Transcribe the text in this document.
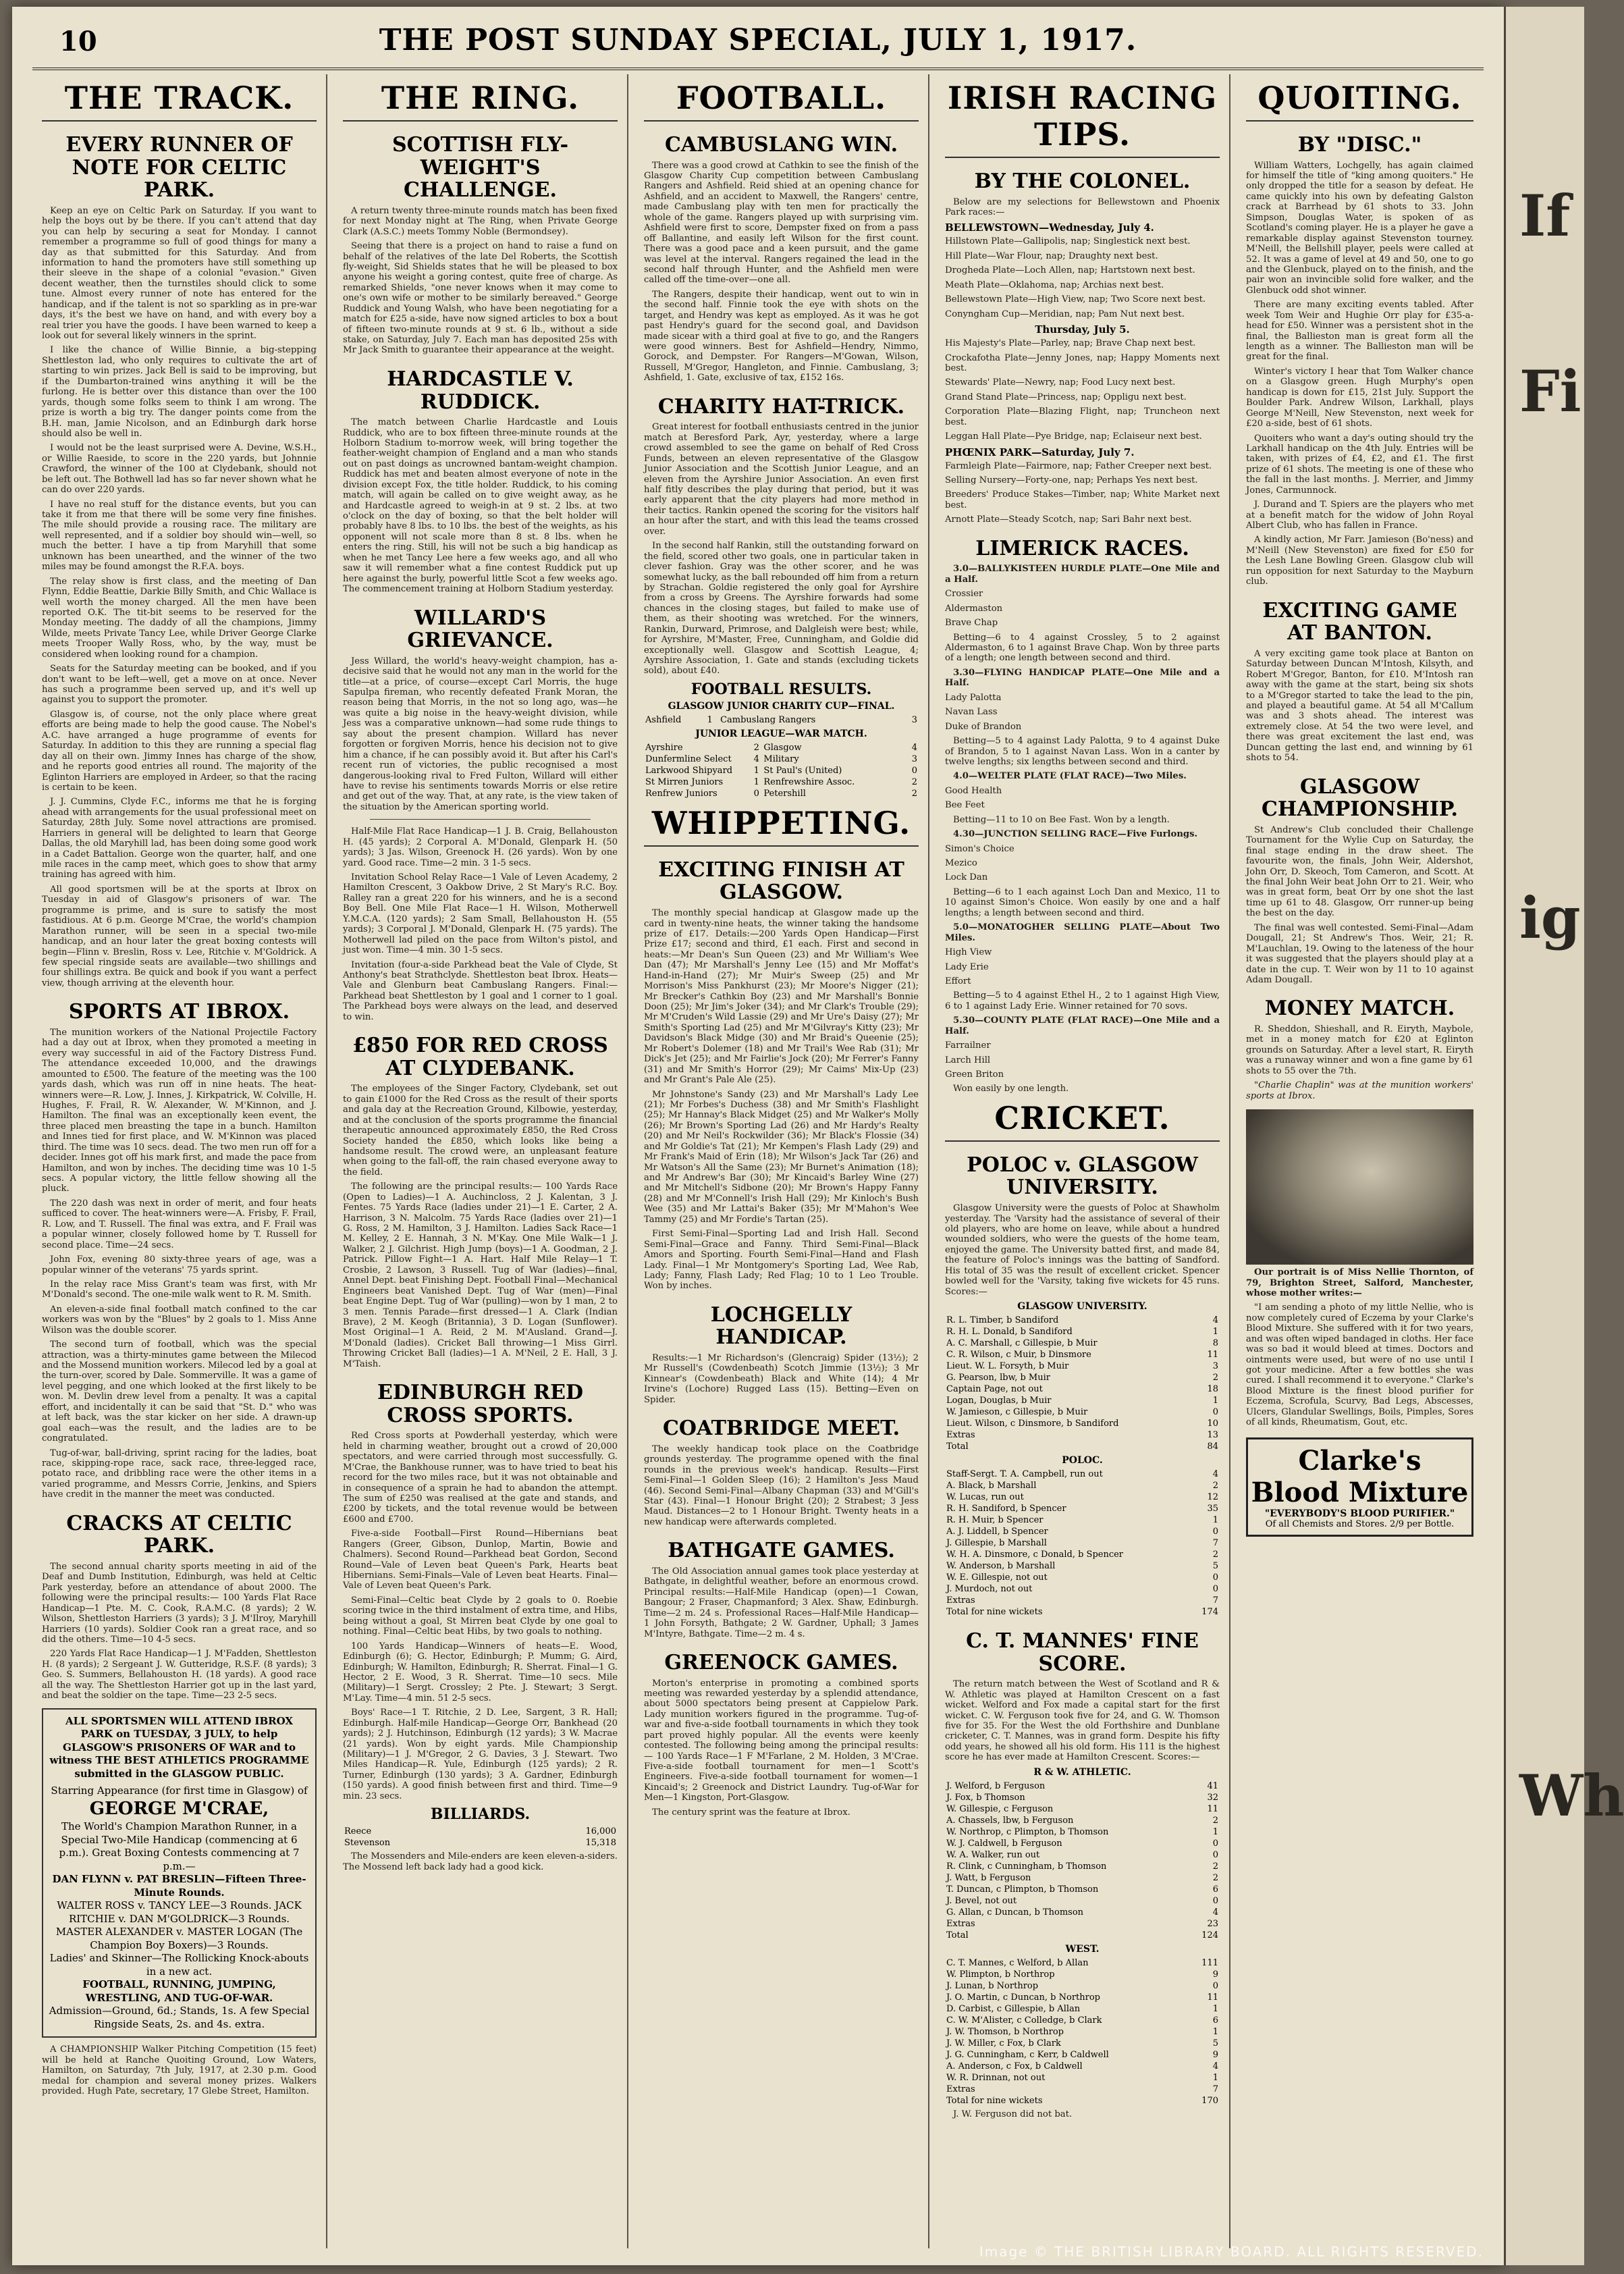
10	THE POST SUNDAY SPECIAL, JULY 1, 1917.
THE TRACK.
EVERY RUNNER OF NOTE FOR CELTIC PARK.

Keep an eye on Celtic Park on Saturday. If you want to help the boys out by be there. If you can't attend that day you can help by securing a seat for Monday. I cannot remember a programme so full of good things for many a day as that submitted for this Saturday. And from information to hand the promoters have still something up their sleeve in the shape of a colonial "evasion." Given decent weather, then the turnstiles should click to some tune. Almost every runner of note has entered for the handicap, and if the talent is not so sparkling as in pre-war days, it's the best we have on hand, and with every boy a real trier you have the goods. I have been warned to keep a look out for several likely winners in the sprint.

I like the chance of Willie Binnie, a big-stepping Shettleston lad, who only requires to cultivate the art of starting to win prizes. Jack Bell is said to be improving, but if the Dumbarton-trained wins anything it will be the furlong. He is better over this distance than over the 100 yards, though some folks seem to think I am wrong. The prize is worth a big try. The danger points come from the B.H. man, Jamie Nicolson, and an Edinburgh dark horse should also be well in.

I would not be the least surprised were A. Devine, W.S.H., or Willie Raeside, to score in the 220 yards, but Johnnie Crawford, the winner of the 100 at Clydebank, should not be left out. The Bothwell lad has so far never shown what he can do over 220 yards.

I have no real stuff for the distance events, but you can take it from me that there will be some very fine finishes. The mile should provide a rousing race. The military are well represented, and if a soldier boy should win—well, so much the better. I have a tip from Maryhill that some unknown has been unearthed, and the winner of the two miles may be found amongst the R.F.A. boys.

The relay show is first class, and the meeting of Dan Flynn, Eddie Beattie, Darkie Billy Smith, and Chic Wallace is well worth the money charged. All the men have been reported O.K. The tit-bit seems to be reserved for the Monday meeting. The daddy of all the champions, Jimmy Wilde, meets Private Tancy Lee, while Driver George Clarke meets Trooper Wally Ross, who, by the way, must be considered when looking round for a champion.

Seats for the Saturday meeting can be booked, and if you don't want to be left—well, get a move on at once. Never has such a programme been served up, and it's well up against you to support the promoter.

Glasgow is, of course, not the only place where great efforts are being made to help the good cause. The Nobel's A.C. have arranged a huge programme of events for Saturday. In addition to this they are running a special flag day all on their own. Jimmy Innes has charge of the show, and he reports good entries all round. The majority of the Eglinton Harriers are employed in Ardeer, so that the racing is certain to be keen.

J. J. Cummins, Clyde F.C., informs me that he is forging ahead with arrangements for the usual professional meet on Saturday, 28th July. Some novel attractions are promised. Harriers in general will be delighted to learn that George Dallas, the old Maryhill lad, has been doing some good work in a Cadet Battalion. George won the quarter, half, and one mile races in the camp meet, which goes to show that army training has agreed with him.

All good sportsmen will be at the sports at Ibrox on Tuesday in aid of Glasgow's prisoners of war. The programme is prime, and is sure to satisfy the most fastidious. At 6 p.m. George M'Crae, the world's champion Marathon runner, will be seen in a special two-mile handicap, and an hour later the great boxing contests will begin—Flinn v. Breslin, Ross v. Lee, Ritchie v. M'Goldrick. A few special ringside seats are available—two shillings and four shillings extra. Be quick and book if you want a perfect view, though arriving at the eleventh hour.

SPORTS AT IBROX.

The munition workers of the National Projectile Factory had a day out at Ibrox, when they promoted a meeting in every way successful in aid of the Factory Distress Fund. The attendance exceeded 10,000, and the drawings amounted to £500. The feature of the meeting was the 100 yards dash, which was run off in nine heats. The heat-winners were—R. Low, J. Innes, J. Kirkpatrick, W. Colville, H. Hughes, F. Frail, R. W. Alexander, W. M'Kinnon, and J. Hamilton. The final was an exceptionally keen event, the three placed men breasting the tape in a bunch. Hamilton and Innes tied for first place, and W. M'Kinnon was placed third. The time was 10 secs. dead. The two men run off for a decider. Innes got off his mark first, and made the pace from Hamilton, and won by inches. The deciding time was 10 1-5 secs. A popular victory, the little fellow showing all the pluck.

The 220 dash was next in order of merit, and four heats sufficed to cover. The heat-winners were—A. Frisby, F. Frail, R. Low, and T. Russell. The final was extra, and F. Frail was a popular winner, closely followed home by T. Russell for second place. Time—24 secs.

John Fox, evening 80 sixty-three years of age, was a popular winner of the veterans' 75 yards sprint.

In the relay race Miss Grant's team was first, with Mr M'Donald's second. The one-mile walk went to R. M. Smith.

An eleven-a-side final football match confined to the car workers was won by the "Blues" by 2 goals to 1. Miss Anne Wilson was the double scorer.

The second turn of football, which was the special attraction, was a thirty-minutes game between the Milecod and the Mossend munition workers. Milecod led by a goal at the turn-over, scored by Dale. Sommerville. It was a game of level pegging, and one which looked at the first likely to be won. M. Devlin drew level from a penalty. It was a capital effort, and incidentally it can be said that "St. D." who was at left back, was the star kicker on her side. A drawn-up goal each—was the result, and the ladies are to be congratulated.

Tug-of-war, ball-driving, sprint racing for the ladies, boat race, skipping-rope race, sack race, three-legged race, potato race, and dribbling race were the other items in a varied programme, and Messrs Corrie, Jenkins, and Spiers have credit in the manner the meet was conducted.

CRACKS AT CELTIC PARK.

The second annual charity sports meeting in aid of the Deaf and Dumb Institution, Edinburgh, was held at Celtic Park yesterday, before an attendance of about 2000. The following were the principal results:— 100 Yards Flat Race Handicap—1 Pte. M. C. Cook, R.A.M.C. (8 yards); 2 W. Wilson, Shettleston Harriers (3 yards); 3 J. M'Ilroy, Maryhill Harriers (10 yards). Soldier Cook ran a great race, and so did the others. Time—10 4-5 secs.

220 Yards Flat Race Handicap—1 J. M'Fadden, Shettleston H. (8 yards); 2 Sergeant J. W. Gutteridge, R.S.F. (8 yards); 3 Geo. S. Summers, Bellahouston H. (18 yards). A good race all the way. The Shettleston Harrier got up in the last yard, and beat the soldier on the tape. Time—23 2-5 secs.

ALL SPORTSMEN WILL ATTEND IBROX PARK on TUESDAY, 3 JULY, to help GLASGOW'S PRISONERS OF WAR and to witness THE BEST ATHLETICS PROGRAMME submitted in the GLASGOW PUBLIC.
Starring Appearance (for first time in Glasgow) of
GEORGE M'CRAE,
The World's Champion Marathon Runner, in a Special Two-Mile Handicap (commencing at 6 p.m.). Great Boxing Contests commencing at 7 p.m.—
DAN FLYNN v. PAT BRESLIN—Fifteen Three-Minute Rounds.
WALTER ROSS v. TANCY LEE—3 Rounds. JACK RITCHIE v. DAN M'GOLDRICK—3 Rounds. MASTER ALEXANDER v. MASTER LOGAN (The Champion Boy Boxers)—3 Rounds.
Ladies' and Skinner—The Rollicking Knock-abouts in a new act.
FOOTBALL, RUNNING, JUMPING, WRESTLING, AND TUG-OF-WAR.
Admission—Ground, 6d.; Stands, 1s. A few Special Ringside Seats, 2s. and 4s. extra.

A CHAMPIONSHIP Walker Pitching Competition (15 feet) will be held at Ranche Quoiting Ground, Low Waters, Hamilton, on Saturday, 7th July, 1917, at 2.30 p.m. Good medal for champion and several money prizes. Walkers provided. Hugh Pate, secretary, 17 Glebe Street, Hamilton.

THE RING.
SCOTTISH FLY-WEIGHT'S CHALLENGE.

A return twenty three-minute rounds match has been fixed for next Monday night at The Ring, when Private George Clark (A.S.C.) meets Tommy Noble (Bermondsey).

Seeing that there is a project on hand to raise a fund on behalf of the relatives of the late Del Roberts, the Scottish fly-weight, Sid Shields states that he will be pleased to box anyone his weight a goring contest, quite free of charge. As remarked Shields, "one never knows when it may come to one's own wife or mother to be similarly bereaved." George Ruddick and Young Walsh, who have been negotiating for a match for £25 a-side, have now signed articles to box a bout of fifteen two-minute rounds at 9 st. 6 lb., without a side stake, on Saturday, July 7. Each man has deposited 25s with Mr Jack Smith to guarantee their appearance at the weight.

HARDCASTLE V. RUDDICK.

The match between Charlie Hardcastle and Louis Ruddick, who are to box fifteen three-minute rounds at the Holborn Stadium to-morrow week, will bring together the feather-weight champion of England and a man who stands out on past doings as uncrowned bantam-weight champion. Ruddick has met and beaten almost everyone of note in the division except Fox, the title holder. Ruddick, to his coming match, will again be called on to give weight away, as he and Hardcastle agreed to weigh-in at 9 st. 2 lbs. at two o'clock on the day of boxing, so that the belt holder will probably have 8 lbs. to 10 lbs. the best of the weights, as his opponent will not scale more than 8 st. 8 lbs. when he enters the ring. Still, his will not be such a big handicap as when he met Tancy Lee here a few weeks ago, and all who saw it will remember what a fine contest Ruddick put up here against the burly, powerful little Scot a few weeks ago. The commencement training at Holborn Stadium yesterday.

WILLARD'S GRIEVANCE.

Jess Willard, the world's heavy-weight champion, has a-decisive said that he would not any man in the world for the title—at a price, of course—except Carl Morris, the huge Sapulpa fireman, who recently defeated Frank Moran, the reason being that Morris, in the not so long ago, was—he was quite a big noise in the heavy-weight division, while Jess was a comparative unknown—had some rude things to say about the present champion. Willard has never forgotten or forgiven Morris, hence his decision not to give him a chance, if he can possibly avoid it. But after his Carl's recent run of victories, the public recognised a most dangerous-looking rival to Fred Fulton, Willard will either have to revise his sentiments towards Morris or else retire and get out of the way. That, at any rate, is the view taken of the situation by the American sporting world.

Half-Mile Flat Race Handicap—1 J. B. Craig, Bellahouston H. (45 yards); 2 Corporal A. M'Donald, Glenpark H. (50 yards); 3 Jas. Wilson, Greenock H. (26 yards). Won by one yard. Good race. Time—2 min. 3 1-5 secs.

Invitation School Relay Race—1 Vale of Leven Academy, 2 Hamilton Crescent, 3 Oakbow Drive, 2 St Mary's R.C. Boy. Ralley ran a great 220 for his winners, and he is a second Boy Bell. One Mile Flat Race—1 H. Wilson, Motherwell Y.M.C.A. (120 yards); 2 Sam Small, Bellahouston H. (55 yards); 3 Corporal J. M'Donald, Glenpark H. (75 yards). The Motherwell lad piled on the pace from Wilton's pistol, and just won. Time—4 min. 30 1-5 secs.

Invitation (four-a-side Parkhead beat the Vale of Clyde, St Anthony's beat Strathclyde. Shettleston beat Ibrox. Heats—Vale and Glenburn beat Cambuslang Rangers. Final:—Parkhead beat Shettleston by 1 goal and 1 corner to 1 goal. The Parkhead boys were always on the lead, and deserved to win.

£850 FOR RED CROSS AT CLYDEBANK.

The employees of the Singer Factory, Clydebank, set out to gain £1000 for the Red Cross as the result of their sports and gala day at the Recreation Ground, Kilbowie, yesterday, and at the conclusion of the sports programme the financial therapeutic announced approximately £850, the Red Cross Society handed the £850, which looks like being a handsome result. The crowd were, an unpleasant feature when going to the fall-off, the rain chased everyone away to the field.

The following are the principal results:— 100 Yards Race (Open to Ladies)—1 A. Auchincloss, 2 J. Kalentan, 3 J. Fentes. 75 Yards Race (ladies under 21)—1 E. Carter, 2 A. Harrison, 3 N. Malcolm. 75 Yards Race (ladies over 21)—1 G. Ross, 2 M. Hamilton, 3 J. Hamilton. Ladies Sack Race—1 M. Kelley, 2 E. Hannah, 3 N. M'Kay. One Mile Walk—1 J. Walker, 2 J. Gilchrist. High Jump (boys)—1 A. Goodman, 2 J. Patrick. Pillow Fight—1 A. Hart. Half Mile Relay—1 T. Crosbie, 2 Lawson, 3 Russell. Tug of War (ladies)—final, Annel Dept. beat Finishing Dept. Football Final—Mechanical Engineers beat Vanished Dept. Tug of War (men)—Final beat Engine Dept. Tug of War (pulling)—won by 1 man, 2 to 3 men. Tennis Parade—first dressed—1 A. Clark (Indian Brave), 2 M. Keogh (Britannia), 3 D. Logan (Sunflower). Most Original—1 A. Reid, 2 M. M'Ausland. Grand—J. M'Donald (ladies). Cricket Ball throwing—1 Miss Girrl. Throwing Cricket Ball (ladies)—1 A. M'Neil, 2 E. Hall, 3 J. M'Taish.

EDINBURGH RED CROSS SPORTS.

Red Cross sports at Powderhall yesterday, which were held in charming weather, brought out a crowd of 20,000 spectators, and were carried through most successfully. G. M'Crae, the Bankhouse runner, was to have tried to beat his record for the two miles race, but it was not obtainable and in consequence of a sprain he had to abandon the attempt. The sum of £250 was realised at the gate and stands, and £200 by tickets, and the total revenue would be between £600 and £700.

Five-a-side Football—First Round—Hibernians beat Rangers (Greer, Gibson, Dunlop, Martin, Bowie and Chalmers). Second Round—Parkhead beat Gordon, Second Round—Vale of Leven beat Queen's Park, Hearts beat Hibernians. Semi-Finals—Vale of Leven beat Hearts. Final—Vale of Leven beat Queen's Park.

Semi-Final—Celtic beat Clyde by 2 goals to 0. Roebie scoring twice in the third instalment of extra time, and Hibs, being without a goal, St Mirren beat Clyde by one goal to nothing. Final—Celtic beat Hibs, by two goals to nothing.

100 Yards Handicap—Winners of heats—E. Wood, Edinburgh (6); G. Hector, Edinburgh; P. Mumm; G. Aird, Edinburgh; W. Hamilton, Edinburgh; R. Sherrat. Final—1 G. Hector, 2 E. Wood, 3 R. Sherrat. Time—10 secs. Mile (Military)—1 Sergt. Crossley; 2 Pte. J. Stewart; 3 Sergt. M'Lay. Time—4 min. 51 2-5 secs.

Boys' Race—1 T. Ritchie, 2 D. Lee, Sargent, 3 R. Hall; Edinburgh. Half-mile Handicap—George Orr, Bankhead (20 yards); 2 J. Hutchinson, Edinburgh (12 yards); 3 W. Macrae (21 yards). Won by eight yards. Mile Championship (Military)—1 J. M'Gregor, 2 G. Davies, 3 J. Stewart. Two Miles Handicap—R. Yule, Edinburgh (125 yards); 2 R. Turner, Edinburgh (130 yards); 3 A. Gardner, Edinburgh (150 yards). A good finish between first and third. Time—9 min. 23 secs.

BILLIARDS.
Reece	16,000
Stevenson	15,318

The Mossenders and Mile-enders are keen eleven-a-siders. The Mossend left back lady had a good kick.

FOOTBALL.
CAMBUSLANG WIN.

There was a good crowd at Cathkin to see the finish of the Glasgow Charity Cup competition between Cambuslang Rangers and Ashfield. Reid shied at an opening chance for Ashfield, and an accident to Maxwell, the Rangers' centre, made Cambuslang play with ten men for practically the whole of the game. Rangers played up with surprising vim. Ashfield were first to score, Dempster fixed on from a pass off Ballantine, and easily left Wilson for the first count. There was a good pace and a keen pursuit, and the game was level at the interval. Rangers regained the lead in the second half through Hunter, and the Ashfield men were called off the time-over—one all.

The Rangers, despite their handicap, went out to win in the second half. Finnie took the eye with shots on the target, and Hendry was kept as employed. As it was he got past Hendry's guard for the second goal, and Davidson made sicear with a third goal at five to go, and the Rangers were good winners. Best for Ashfield—Hendry, Nimmo, Gorock, and Dempster. For Rangers—M'Gowan, Wilson, Russell, M'Gregor, Hangleton, and Finnie. Cambuslang, 3; Ashfield, 1. Gate, exclusive of tax, £152 16s.

CHARITY HAT-TRICK.

Great interest for football enthusiasts centred in the junior match at Beresford Park, Ayr, yesterday, where a large crowd assembled to see the game on behalf of Red Cross Funds, between an eleven representative of the Glasgow Junior Association and the Scottish Junior League, and an eleven from the Ayrshire Junior Association. An even first half fitly describes the play during that period, but it was early apparent that the city players had more method in their tactics. Rankin opened the scoring for the visitors half an hour after the start, and with this lead the teams crossed over.

In the second half Rankin, still the outstanding forward on the field, scored other two goals, one in particular taken in clever fashion. Gray was the other scorer, and he was somewhat lucky, as the ball rebounded off him from a return by Strachan. Goldie registered the only goal for Ayrshire from a cross by Greens. The Ayrshire forwards had some chances in the closing stages, but failed to make use of them, as their shooting was wretched. For the winners, Rankin, Durward, Primrose, and Dalgleish were best; while, for Ayrshire, M'Master, Free, Cunningham, and Goldie did exceptionally well. Glasgow and Scottish League, 4; Ayrshire Association, 1. Gate and stands (excluding tickets sold), about £40.

FOOTBALL RESULTS.
GLASGOW JUNIOR CHARITY CUP—FINAL.
Ashfield	1	Cambuslang Rangers	3
JUNIOR LEAGUE—WAR MATCH.
Ayrshire	2	Glasgow	4
Dunfermline Select	4	Military	3
Larkwood Shipyard	1	St Paul's (United)	0
St Mirren Juniors	1	Renfrewshire Assoc.	2
Renfrew Juniors	0	Petershill	2
WHIPPETING.
EXCITING FINISH AT GLASGOW.

The monthly special handicap at Glasgow made up the card in twenty-nine heats, the winner taking the handsome prize of £17. Details:—200 Yards Open Handicap—First Prize £17; second and third, £1 each. First and second in heats:—Mr Dean's Sun Queen (23) and Mr William's Wee Dan (47); Mr Marshall's Jenny Lee (15) and Mr Moffat's Hand-in-Hand (27); Mr Muir's Sweep (25) and Mr Morrison's Miss Pankhurst (23); Mr Moore's Nigger (21); Mr Brecker's Cathkin Boy (23) and Mr Marshall's Bonnie Doon (25); Mr Jim's Joker (34); and Mr Clark's Trouble (29); Mr M'Cruden's Wild Lassie (29) and Mr Ure's Daisy (27); Mr Smith's Sporting Lad (25) and Mr M'Gilvray's Kitty (23); Mr Davidson's Black Midge (30) and Mr Braid's Queenie (25); Mr Robert's Dolemer (18) and Mr Trail's Wee Rab (31); Mr Dick's Jet (25); and Mr Fairlie's Jock (20); Mr Ferrer's Fanny (31) and Mr Smith's Horror (29); Mr Caims' Mix-Up (23) and Mr Grant's Pale Ale (25).

Mr Johnstone's Sandy (23) and Mr Marshall's Lady Lee (21); Mr Forbes's Duchess (38) and Mr Smith's Flashlight (25); Mr Hannay's Black Midget (25) and Mr Walker's Molly (26); Mr Brown's Sporting Lad (26) and Mr Hardy's Realty (20) and Mr Neil's Rockwilder (36); Mr Black's Flossie (34) and Mr Goldie's Tat (21); Mr Kempen's Flash Lady (29) and Mr Frank's Maid of Erin (18); Mr Wilson's Jack Tar (26) and Mr Watson's All the Same (23); Mr Burnet's Animation (18); and Mr Andrew's Bar (30); Mr Kincaid's Barley Wine (27) and Mr Mitchell's Sidbone (20); Mr Brown's Happy Fanny (28) and Mr M'Connell's Irish Hall (29); Mr Kinloch's Bush Wee (35) and Mr Lattai's Baker (35); Mr M'Mahon's Wee Tammy (25) and Mr Fordie's Tartan (25).

First Semi-Final—Sporting Lad and Irish Hall. Second Semi-Final—Grace and Fanny. Third Semi-Final—Black Amors and Sporting. Fourth Semi-Final—Hand and Flash Lady. Final—1 Mr Montgomery's Sporting Lad, Wee Rab, Lady; Fanny, Flash Lady; Red Flag; 10 to 1 Leo Trouble. Won by inches.

LOCHGELLY HANDICAP.

Results:—1 Mr Richardson's (Glencraig) Spider (13½); 2 Mr Russell's (Cowdenbeath) Scotch Jimmie (13½); 3 Mr Kinnear's (Cowdenbeath) Black and White (14); 4 Mr Irvine's (Lochore) Rugged Lass (15). Betting—Even on Spider.

COATBRIDGE MEET.

The weekly handicap took place on the Coatbridge grounds yesterday. The programme opened with the final rounds in the previous week's handicap. Results—First Semi-Final—1 Golden Sleep (16); 2 Hamilton's Jess Maud (46). Second Semi-Final—Albany Chapman (33) and M'Gill's Star (43). Final—1 Honour Bright (20); 2 Strabest; 3 Jess Maud. Distances—2 to 1 Honour Bright. Twenty heats in a new handicap were afterwards completed.

BATHGATE GAMES.

The Old Association annual games took place yesterday at Bathgate, in delightful weather, before an enormous crowd. Principal results:—Half-Mile Handicap (open)—1 Cowan, Bangour; 2 Fraser, Chapmanford; 3 Alex. Shaw, Edinburgh. Time—2 m. 24 s. Professional Races—Half-Mile Handicap—1 John Forsyth, Bathgate; 2 W. Gardner, Uphall; 3 James M'Intyre, Bathgate. Time—2 m. 4 s.

GREENOCK GAMES.

Morton's enterprise in promoting a combined sports meeting was rewarded yesterday by a splendid attendance, about 5000 spectators being present at Cappielow Park. Lady munition workers figured in the programme. Tug-of-war and five-a-side football tournaments in which they took part proved highly popular. All the events were keenly contested. The following being among the principal results:— 100 Yards Race—1 F M'Farlane, 2 M. Holden, 3 M'Crae. Five-a-side football tournament for men—1 Scott's Engineers. Five-a-side football tournament for women—1 Kincaid's; 2 Greenock and District Laundry. Tug-of-War for Men—1 Kingston, Port-Glasgow.

The century sprint was the feature at Ibrox.

IRISH RACING TIPS.
BY THE COLONEL.

Below are my selections for Bellewstown and Phoenix Park races:—

BELLEWSTOWN—Wednesday, July 4.

Hillstown Plate—Gallipolis, nap; Singlestick next best.

Hill Plate—War Flour, nap; Draughty next best.

Drogheda Plate—Loch Allen, nap; Hartstown next best.

Meath Plate—Oklahoma, nap; Archias next best.

Bellewstown Plate—High View, nap; Two Score next best.

Conyngham Cup—Meridian, nap; Pam Nut next best.

Thursday, July 5.

His Majesty's Plate—Parley, nap; Brave Chap next best.

Crockafotha Plate—Jenny Jones, nap; Happy Moments next best.

Stewards' Plate—Newry, nap; Food Lucy next best.

Grand Stand Plate—Princess, nap; Oppligu next best.

Corporation Plate—Blazing Flight, nap; Truncheon next best.

Leggan Hall Plate—Pye Bridge, nap; Eclaiseur next best.

PHŒNIX PARK—Saturday, July 7.

Farmleigh Plate—Fairmore, nap; Father Creeper next best.

Selling Nursery—Forty-one, nap; Perhaps Yes next best.

Breeders' Produce Stakes—Timber, nap; White Market next best.

Arnott Plate—Steady Scotch, nap; Sari Bahr next best.

LIMERICK RACES.

3.0—BALLYKISTEEN HURDLE PLATE—One Mile and a Half.

Crossier

Aldermaston

Brave Chap

Betting—6 to 4 against Crossley, 5 to 2 against Aldermaston, 6 to 1 against Brave Chap. Won by three parts of a length; one length between second and third.

3.30—FLYING HANDICAP PLATE—One Mile and a Half.

Lady Palotta

Navan Lass

Duke of Brandon

Betting—5 to 4 against Lady Palotta, 9 to 4 against Duke of Brandon, 5 to 1 against Navan Lass. Won in a canter by twelve lengths; six lengths between second and third.

4.0—WELTER PLATE (FLAT RACE)—Two Miles.

Good Health

Bee Feet

Betting—11 to 10 on Bee Fast. Won by a length.

4.30—JUNCTION SELLING RACE—Five Furlongs.

Simon's Choice

Mezico

Lock Dan

Betting—6 to 1 each against Loch Dan and Mexico, 11 to 10 against Simon's Choice. Won easily by one and a half lengths; a length between second and third.

5.0—MONATOGHER SELLING PLATE—About Two Miles.

High View

Lady Erie

Effort

Betting—5 to 4 against Ethel H., 2 to 1 against High View, 6 to 1 against Lady Erie. Winner retained for 70 sovs.

5.30—COUNTY PLATE (FLAT RACE)—One Mile and a Half.

Farrailner

Larch Hill

Green Briton

Won easily by one length.

CRICKET.
POLOC v. GLASGOW UNIVERSITY.

Glasgow University were the guests of Poloc at Shawholm yesterday. The 'Varsity had the assistance of several of their old players, who are home on leave, while about a hundred wounded soldiers, who were the guests of the home team, enjoyed the game. The University batted first, and made 84, the feature of Poloc's innings was the batting of Sandford. His total of 35 was the result of excellent cricket. Spencer bowled well for the 'Varsity, taking five wickets for 45 runs. Scores:—

GLASGOW UNIVERSITY.
R. L. Timber, b Sandiford	4
R. H. L. Donald, b Sandiford	1
A. C. Marshall, c Gillespie, b Muir	8
C. R. Wilson, c Muir, b Dinsmore	11
Lieut. W. L. Forsyth, b Muir	3
G. Pearson, lbw, b Muir	2
Captain Page, not out	18
Logan, Douglas, b Muir	1
W. Jamieson, c Gillespie, b Muir	0
Lieut. Wilson, c Dinsmore, b Sandiford	10
Extras	13
Total	84
POLOC.
Staff-Sergt. T. A. Campbell, run out	4
A. Black, b Marshall	2
W. Lucas, run out	12
R. H. Sandiford, b Spencer	35
R. H. Muir, b Spencer	1
A. J. Liddell, b Spencer	0
J. Gillespie, b Marshall	7
W. H. A. Dinsmore, c Donald, b Spencer	2
W. Anderson, b Marshall	5
W. E. Gillespie, not out	0
J. Murdoch, not out	0
Extras	7
Total for nine wickets	174
C. T. MANNES' FINE SCORE.

The return match between the West of Scotland and R & W. Athletic was played at Hamilton Crescent on a fast wicket. Welford and Fox made a capital start for the first wicket. C. W. Ferguson took five for 24, and G. W. Thomson five for 35. For the West the old Forthshire and Dunblane cricketer, C. T. Mannes, was in grand form. Despite his fifty odd years, he showed all his old form. His 111 is the highest score he has ever made at Hamilton Crescent. Scores:—

R & W. ATHLETIC.
J. Welford, b Ferguson	41
J. Fox, b Thomson	32
W. Gillespie, c Ferguson	11
A. Chassels, lbw, b Ferguson	2
W. Northrop, c Plimpton, b Thomson	1
W. J. Caldwell, b Ferguson	0
W. A. Walker, run out	0
R. Clink, c Cunningham, b Thomson	2
J. Watt, b Ferguson	2
T. Duncan, c Plimpton, b Thomson	6
J. Bevel, not out	0
G. Allan, c Duncan, b Thomson	4
Extras	23
Total	124
WEST.
C. T. Mannes, c Welford, b Allan	111
W. Plimpton, b Northrop	9
J. Lunan, b Northrop	0
J. O. Martin, c Duncan, b Northrop	11
D. Carbist, c Gillespie, b Allan	1
C. W. M'Alister, c Colledge, b Clark	6
J. W. Thomson, b Northrop	1
J. W. Miller, c Fox, b Clark	5
J. G. Cunningham, c Kerr, b Caldwell	9
A. Anderson, c Fox, b Caldwell	4
W. R. Drinnan, not out	1
Extras	7
Total for nine wickets	170

J. W. Ferguson did not bat.

QUOITING.
BY "DISC."

William Watters, Lochgelly, has again claimed for himself the title of "king among quoiters." He only dropped the title for a season by defeat. He came quickly into his own by defeating Galston crack at Barrhead by 61 shots to 33. John Simpson, Douglas Water, is spoken of as Scotland's coming player. He is a player he gave a remarkable display against Stevenston tourney. M'Neill, the Bellshill player, peels were called at 52. It was a game of level at 49 and 50, one to go and the Glenbuck, played on to the finish, and the pair won an invincible solid fore walker, and the Glenbuck odd shot winner.

There are many exciting events tabled. After week Tom Weir and Hughie Orr play for £35-a-head for £50. Winner was a persistent shot in the final, the Ballieston man is great form all the length as a winner. The Ballieston man will be great for the final.

Winter's victory I hear that Tom Walker chance on a Glasgow green. Hugh Murphy's open handicap is down for £15, 21st July. Support the Boulder Park. Andrew Wilson, Larkhall, plays George M'Neill, New Stevenston, next week for £20 a-side, best of 61 shots.

Quoiters who want a day's outing should try the Larkhall handicap on the 4th July. Entries will be taken, with prizes of £4, £2, and £1. The first prize of 61 shots. The meeting is one of these who the fall in the last months. J. Merrier, and Jimmy Jones, Carmunnock.

J. Durand and T. Spiers are the players who met at a benefit match for the widow of John Royal Albert Club, who has fallen in France.

A kindly action, Mr Farr. Jamieson (Bo'ness) and M'Neill (New Stevenston) are fixed for £50 for the Lesh Lane Bowling Green. Glasgow club will run opposition for next Saturday to the Mayburn club.

EXCITING GAME AT BANTON.

A very exciting game took place at Banton on Saturday between Duncan M'Intosh, Kilsyth, and Robert M'Gregor, Banton, for £10. M'Intosh ran away with the game at the start, being six shots to a M'Gregor started to take the lead to the pin, and played a beautiful game. At 54 all M'Callum was and 3 shots ahead. The interest was extremely close. At 54 the two were level, and there was great excitement the last end, was Duncan getting the last end, and winning by 61 shots to 54.

GLASGOW CHAMPIONSHIP.

St Andrew's Club concluded their Challenge Tournament for the Wylie Cup on Saturday, the final stage ending in the draw sheet. The favourite won, the finals, John Weir, Aldershot, John Orr, D. Skeoch, Tom Cameron, and Scott. At the final John Weir beat John Orr to 21. Weir, who was in great form, beat Orr by one shot the last time up 61 to 48. Glasgow, Orr runner-up being the best on the day.

The final was well contested. Semi-Final—Adam Dougall, 21; St Andrew's Thos. Weir, 21; R. M'Lauchlan, 19. Owing to the lateness of the hour it was suggested that the players should play at a date in the cup. T. Weir won by 11 to 10 against Adam Dougall.

MONEY MATCH.

R. Sheddon, Shieshall, and R. Eiryth, Maybole, met in a money match for £20 at Eglinton grounds on Saturday. After a level start, R. Eiryth was a runaway winner and won a fine game by 61 shots to 55 over the 7th.

"Charlie Chaplin" was at the munition workers' sports at Ibrox.

Our portrait is of Miss Nellie Thornton, of 79, Brighton Street, Salford, Manchester, whose mother writes:—

"I am sending a photo of my little Nellie, who is now completely cured of Eczema by your Clarke's Blood Mixture. She suffered with it for two years, and was often wiped bandaged in cloths. Her face was so bad it would bleed at times. Doctors and ointments were used, but were of no use until I got your medicine. After a few bottles she was cured. I shall recommend it to everyone." Clarke's Blood Mixture is the finest blood purifier for Eczema, Scrofula, Scurvy, Bad Legs, Abscesses, Ulcers, Glandular Swellings, Boils, Pimples, Sores of all kinds, Rheumatism, Gout, etc.

Clarke's Blood Mixture
"EVERYBODY'S BLOOD PURIFIER."
Of all Chemists and Stores. 2/9 per Bottle.
Image © THE BRITISH LIBRARY BOARD. ALL RIGHTS RESERVED.
If
Fi
ig
Wh
